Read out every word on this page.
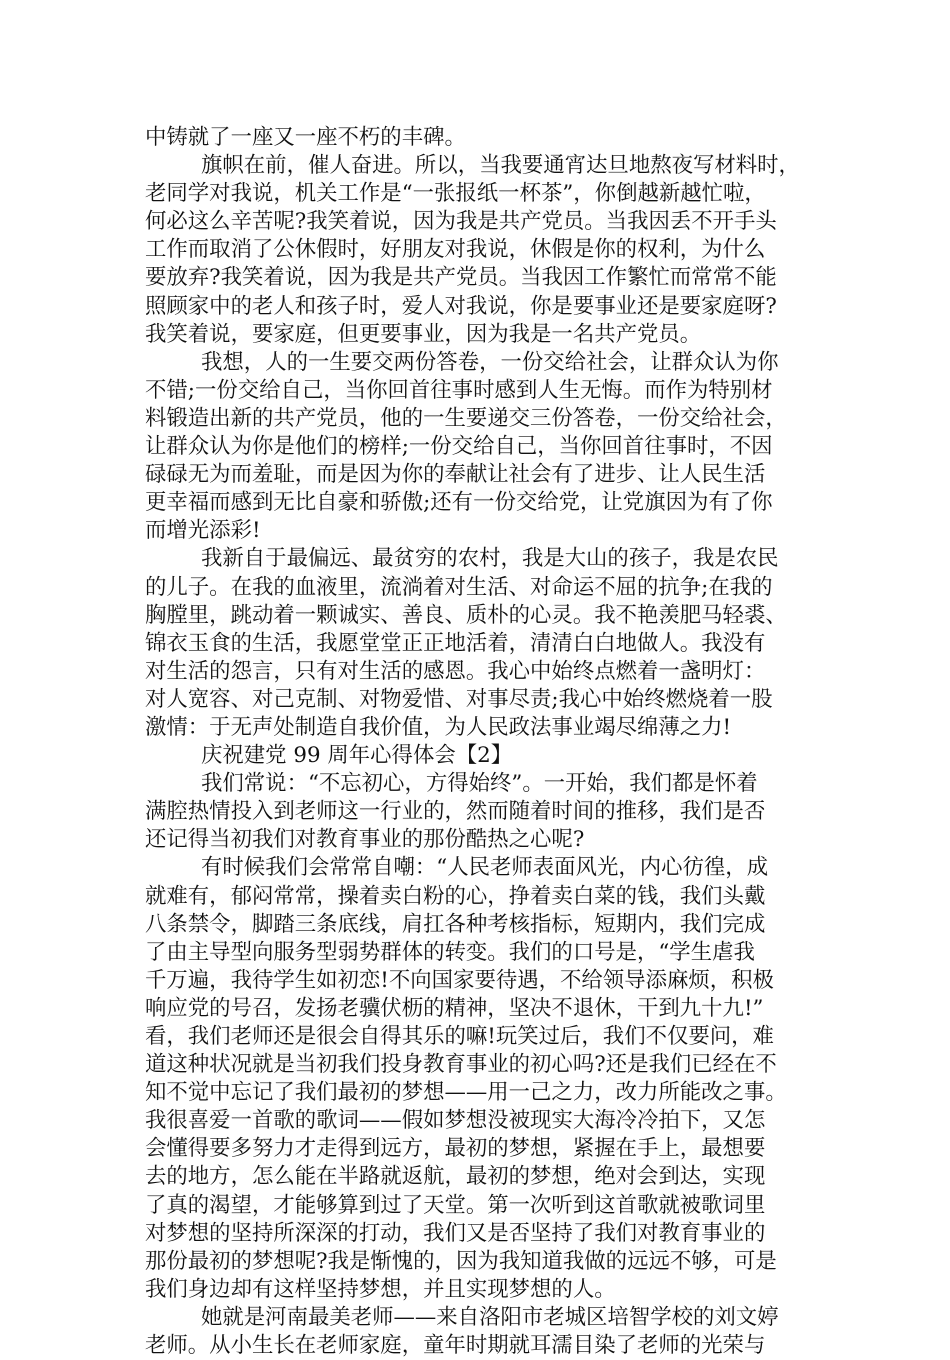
中铸就了一座又一座不朽的丰碑。
旗帜在前，催人奋进。所以，当我要通宵达旦地熬夜写材料时，
老同学对我说，机关工作是“一张报纸一杯茶”，你倒越新越忙啦，
何必这么辛苦呢?我笑着说，因为我是共产党员。当我因丢不开手头
工作而取消了公休假时，好朋友对我说，休假是你的权利，为什么
要放弃?我笑着说，因为我是共产党员。当我因工作繁忙而常常不能
照顾家中的老人和孩子时，爱人对我说，你是要事业还是要家庭呀?
我笑着说，要家庭，但更要事业，因为我是一名共产党员。
我想，人的一生要交两份答卷，一份交给社会，让群众认为你
不错;一份交给自己，当你回首往事时感到人生无悔。而作为特别材
料锻造出新的共产党员，他的一生要递交三份答卷，一份交给社会，
让群众认为你是他们的榜样;一份交给自己，当你回首往事时，不因
碌碌无为而羞耻，而是因为你的奉献让社会有了进步、让人民生活
更幸福而感到无比自豪和骄傲;还有一份交给党，让党旗因为有了你
而增光添彩!
我新自于最偏远、最贫穷的农村，我是大山的孩子，我是农民
的儿子。在我的血液里，流淌着对生活、对命运不屈的抗争;在我的
胸膛里，跳动着一颗诚实、善良、质朴的心灵。我不艳羡肥马轻裘、
锦衣玉食的生活，我愿堂堂正正地活着，清清白白地做人。我没有
对生活的怨言，只有对生活的感恩。我心中始终点燃着一盏明灯：
对人宽容、对己克制、对物爱惜、对事尽责;我心中始终燃烧着一股
激情：于无声处制造自我价值，为人民政法事业竭尽绵薄之力!
庆祝建党 99 周年心得体会【2】
我们常说：“不忘初心，方得始终”。一开始，我们都是怀着
满腔热情投入到老师这一行业的，然而随着时间的推移，我们是否
还记得当初我们对教育事业的那份酷热之心呢?
有时候我们会常常自嘲：“人民老师表面风光，内心彷徨，成
就难有，郁闷常常，操着卖白粉的心，挣着卖白菜的钱，我们头戴
八条禁令，脚踏三条底线，肩扛各种考核指标，短期内，我们完成
了由主导型向服务型弱势群体的转变。我们的口号是，“学生虐我
千万遍，我待学生如初恋!不向国家要待遇，不给领导添麻烦，积极
响应党的号召，发扬老骥伏枥的精神，坚决不退休，干到九十九!”
看，我们老师还是很会自得其乐的嘛!玩笑过后，我们不仅要问，难
道这种状况就是当初我们投身教育事业的初心吗?还是我们已经在不
知不觉中忘记了我们最初的梦想——用一己之力，改力所能改之事。
我很喜爱一首歌的歌词——假如梦想没被现实大海冷冷拍下，又怎
会懂得要多努力才走得到远方，最初的梦想，紧握在手上，最想要
去的地方，怎么能在半路就返航，最初的梦想，绝对会到达，实现
了真的渴望，才能够算到过了天堂。第一次听到这首歌就被歌词里
对梦想的坚持所深深的打动，我们又是否坚持了我们对教育事业的
那份最初的梦想呢?我是惭愧的，因为我知道我做的远远不够，可是
我们身边却有这样坚持梦想，并且实现梦想的人。
她就是河南最美老师——来自洛阳市老城区培智学校的刘文婷
老师。从小生长在老师家庭，童年时期就耳濡目染了老师的光荣与
